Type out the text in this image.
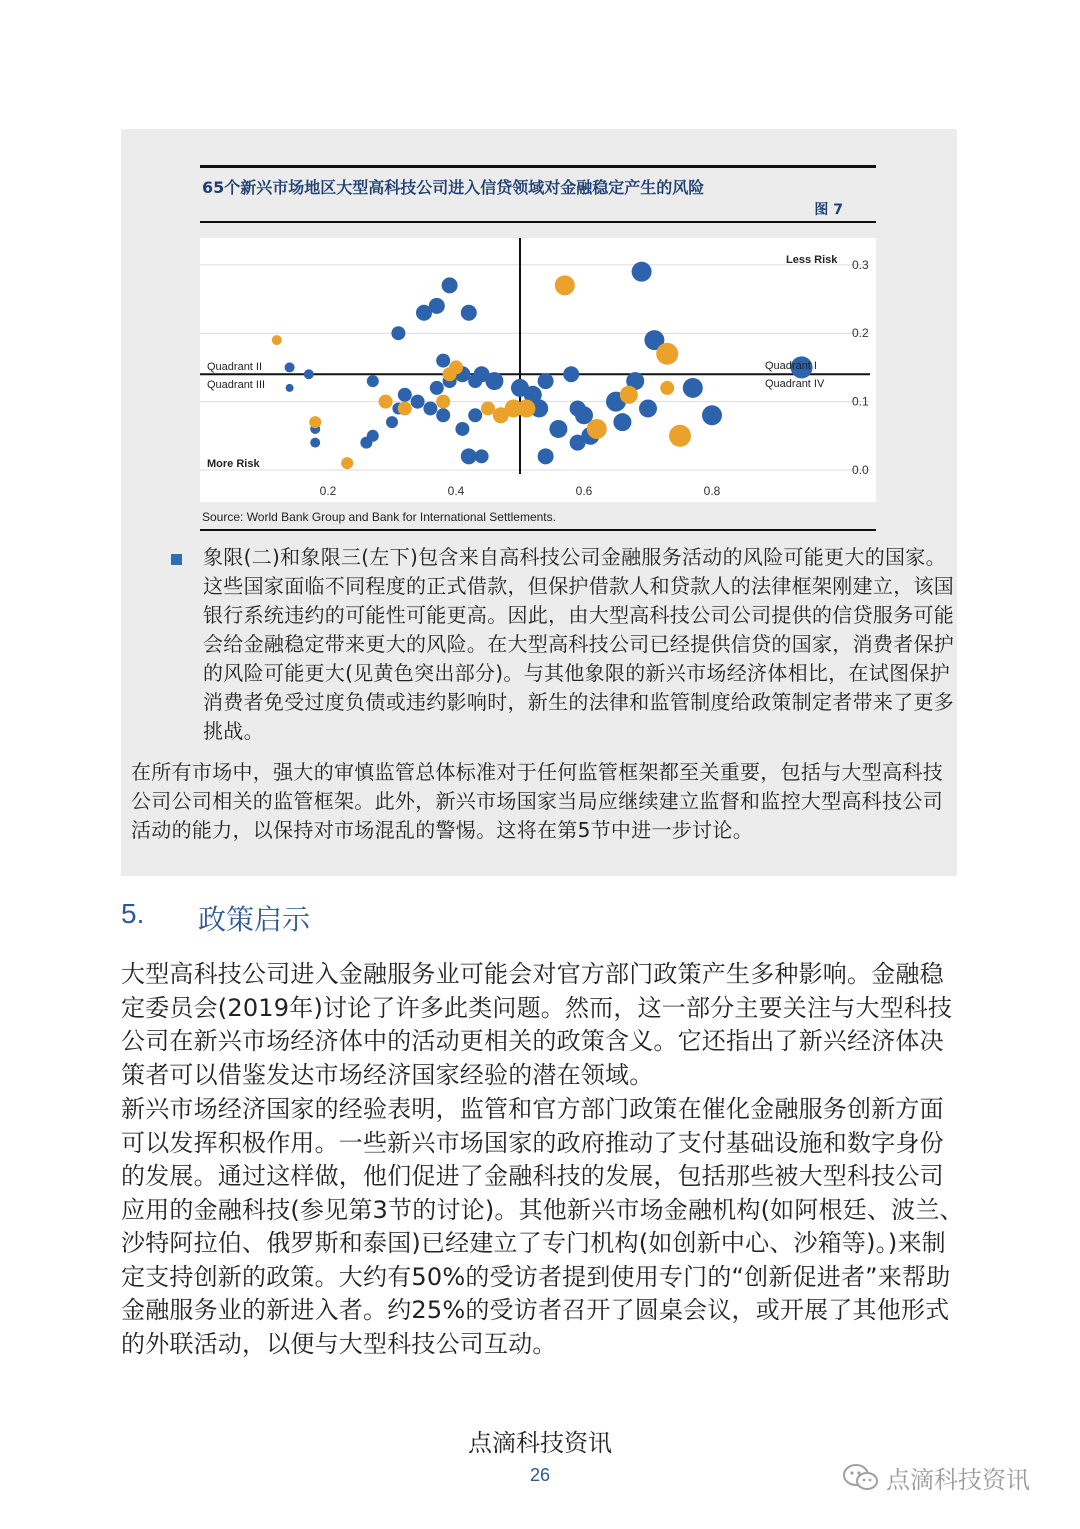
65个新兴市场地区大型高科技公司进入信贷领域对金融稳定产生的风险
图 7
0.0
0.1
0.2
0.3
0.2	0.4	0.6	0.8
Less Risk
More Risk
Quadrant II
Quadrant III
Quadrant I
Quadrant IV
Source: World Bank Group and Bank for International Settlements.
象限(二)和象限三(左下)包含来自高科技公司金融服务活动的风险可能更大的国家。这些国家面临不同程度的正式借款，但保护借款人和贷款人的法律框架刚建立，该国银行系统违约的可能性可能更高。因此，由大型高科技公司公司提供的信贷服务可能会给金融稳定带来更大的风险。在大型高科技公司已经提供信贷的国家，消费者保护的风险可能更大(见黄色突出部分)。与其他象限的新兴市场经济体相比，在试图保护消费者免受过度负债或违约影响时，新生的法律和监管制度给政策制定者带来了更多挑战。
在所有市场中，强大的审慎监管总体标准对于任何监管框架都至关重要，包括与大型高科技公司公司相关的监管框架。此外，新兴市场国家当局应继续建立监督和监控大型高科技公司活动的能力，以保持对市场混乱的警惕。这将在第5节中进一步讨论。
5. 政策启示
大型高科技公司进入金融服务业可能会对官方部门政策产生多种影响。金融稳定委员会(2019年)讨论了许多此类问题。然而，这一部分主要关注与大型科技公司在新兴市场经济体中的活动更相关的政策含义。它还指出了新兴经济体决策者可以借鉴发达市场经济国家经验的潜在领域。
新兴市场经济国家的经验表明，监管和官方部门政策在催化金融服务创新方面可以发挥积极作用。一些新兴市场国家的政府推动了支付基础设施和数字身份的发展。通过这样做，他们促进了金融科技的发展，包括那些被大型科技公司应用的金融科技(参见第3节的讨论)。其他新兴市场金融机构(如阿根廷、波兰、沙特阿拉伯、俄罗斯和泰国)已经建立了专门机构(如创新中心、沙箱等)。)来制定支持创新的政策。大约有50%的受访者提到使用专门的“创新促进者”来帮助金融服务业的新进入者。约25%的受访者召开了圆桌会议，或开展了其他形式的外联活动，以便与大型科技公司互动。
点滴科技资讯
26	点滴科技资讯
